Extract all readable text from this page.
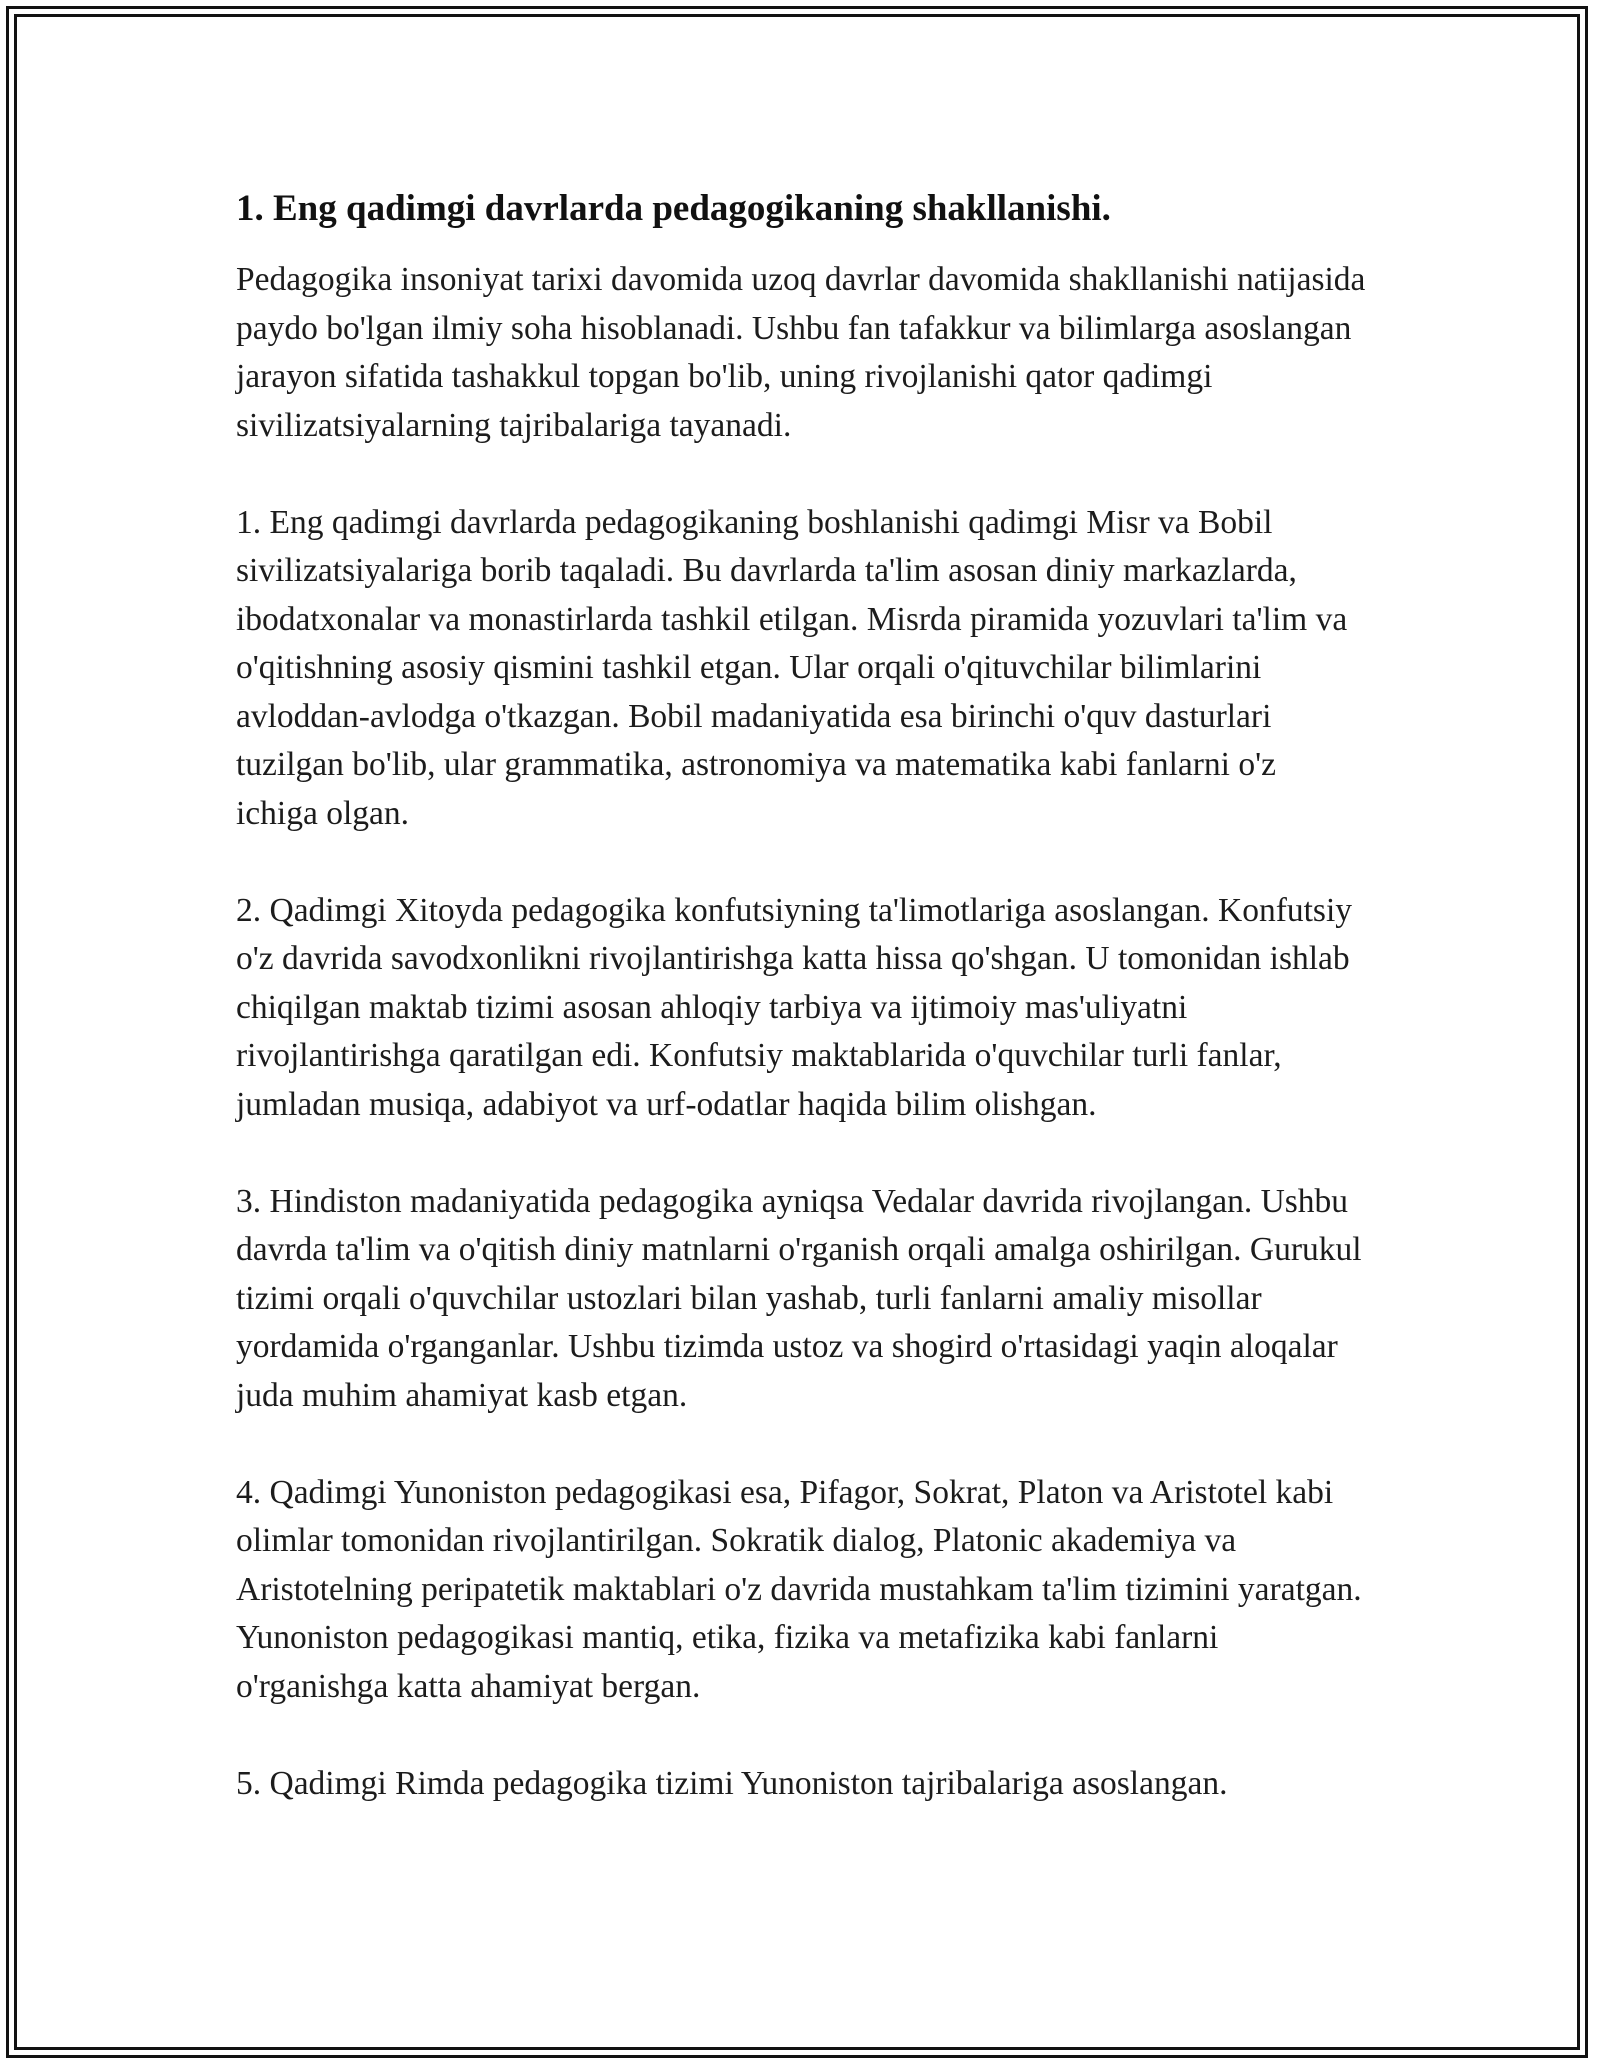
1. Eng qadimgi davrlarda pedagogikaning shakllanishi.

Pedagogika insoniyat tarixi davomida uzoq davrlar davomida shakllanishi natijasida paydo bo'lgan ilmiy soha hisoblanadi. Ushbu fan tafakkur va bilimlarga asoslangan jarayon sifatida tashakkul topgan bo'lib, uning rivojlanishi qator qadimgi sivilizatsiyalarning tajribalariga tayanadi.

1. Eng qadimgi davrlarda pedagogikaning boshlanishi qadimgi Misr va Bobil sivilizatsiyalariga borib taqaladi. Bu davrlarda ta'lim asosan diniy markazlarda, ibodatxonalar va monastirlarda tashkil etilgan. Misrda piramida yozuvlari ta'lim va o'qitishning asosiy qismini tashkil etgan. Ular orqali o'qituvchilar bilimlarini avloddan-avlodga o'tkazgan. Bobil madaniyatida esa birinchi o'quv dasturlari tuzilgan bo'lib, ular grammatika, astronomiya va matematika kabi fanlarni o'z ichiga olgan.

2. Qadimgi Xitoyda pedagogika konfutsiyning ta'limotlariga asoslangan. Konfutsiy o'z davrida savodxonlikni rivojlantirishga katta hissa qo'shgan. U tomonidan ishlab chiqilgan maktab tizimi asosan ahloqiy tarbiya va ijtimoiy mas'uliyatni rivojlantirishga qaratilgan edi. Konfutsiy maktablarida o'quvchilar turli fanlar, jumladan musiqa, adabiyot va urf-odatlar haqida bilim olishgan.

3. Hindiston madaniyatida pedagogika ayniqsa Vedalar davrida rivojlangan. Ushbu davrda ta'lim va o'qitish diniy matnlarni o'rganish orqali amalga oshirilgan. Gurukul tizimi orqali o'quvchilar ustozlari bilan yashab, turli fanlarni amaliy misollar yordamida o'rganganlar. Ushbu tizimda ustoz va shogird o'rtasidagi yaqin aloqalar juda muhim ahamiyat kasb etgan.

4. Qadimgi Yunoniston pedagogikasi esa, Pifagor, Sokrat, Platon va Aristotel kabi olimlar tomonidan rivojlantirilgan. Sokratik dialog, Platonic akademiya va Aristotelning peripatetik maktablari o'z davrida mustahkam ta'lim tizimini yaratgan. Yunoniston pedagogikasi mantiq, etika, fizika va metafizika kabi fanlarni o'rganishga katta ahamiyat bergan.

5. Qadimgi Rimda pedagogika tizimi Yunoniston tajribalariga asoslangan.
